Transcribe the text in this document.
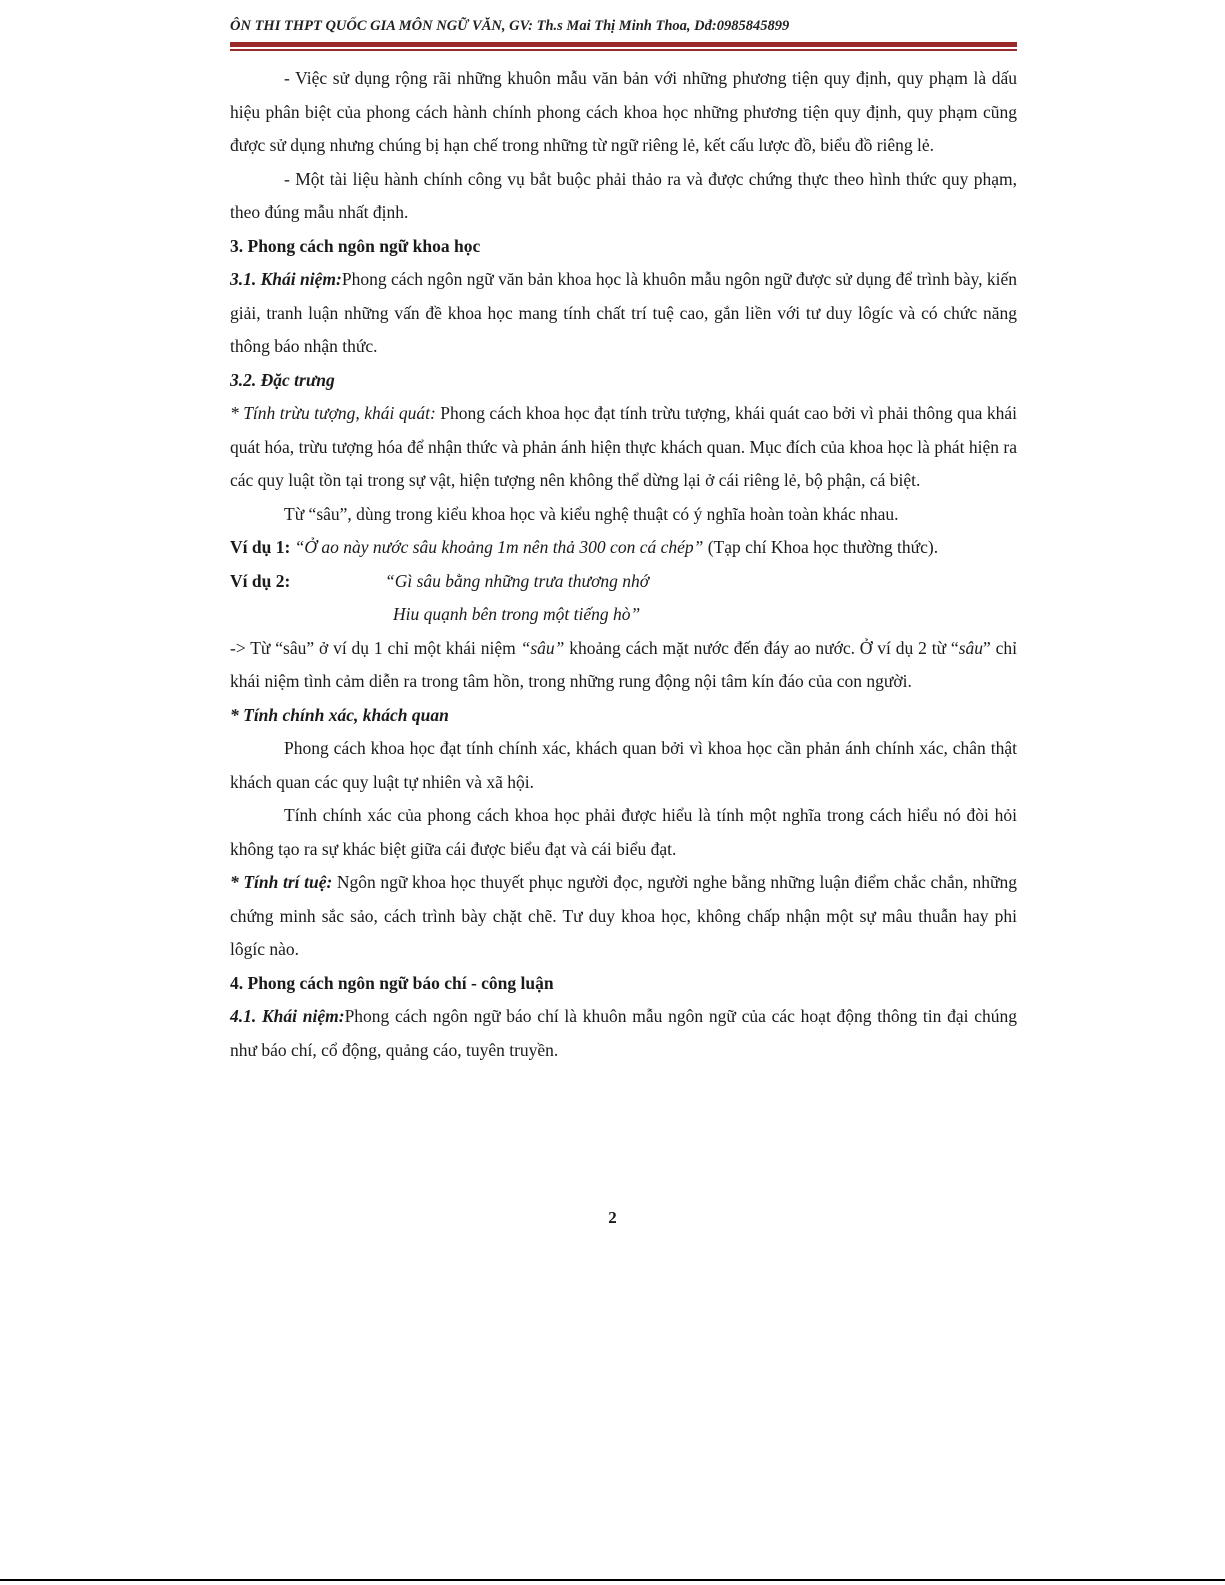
ÔN THI THPT QUỐC GIA MÔN NGỮ VĂN, GV: Th.s Mai Thị Minh Thoa, Dđ:0985845899

- Việc sử dụng rộng rãi những khuôn mẫu văn bản với những phương tiện quy định, quy phạm là dấu hiệu phân biệt của phong cách hành chính phong cách khoa học những phương tiện quy định, quy phạm cũng được sử dụng nhưng chúng bị hạn chế trong những từ ngữ riêng lẻ, kết cấu lược đồ, biểu đồ riêng lẻ.

- Một tài liệu hành chính công vụ bắt buộc phải thảo ra và được chứng thực theo hình thức quy phạm, theo đúng mẫu nhất định.

3. Phong cách ngôn ngữ khoa học

3.1. Khái niệm:Phong cách ngôn ngữ văn bản khoa học là khuôn mẫu ngôn ngữ được sử dụng để trình bày, kiến giải, tranh luận những vấn đề khoa học mang tính chất trí tuệ cao, gắn liền với tư duy lôgíc và có chức năng thông báo nhận thức.

3.2. Đặc trưng

* Tính trừu tượng, khái quát: Phong cách khoa học đạt tính trừu tượng, khái quát cao bởi vì phải thông qua khái quát hóa, trừu tượng hóa để nhận thức và phản ánh hiện thực khách quan. Mục đích của khoa học là phát hiện ra các quy luật tồn tại trong sự vật, hiện tượng nên không thể dừng lại ở cái riêng lẻ, bộ phận, cá biệt.

Từ “sâu”, dùng trong kiểu khoa học và kiểu nghệ thuật có ý nghĩa hoàn toàn khác nhau.

Ví dụ 1: “Ở ao này nước sâu khoảng 1m nên thả 300 con cá chép” (Tạp chí Khoa học thường thức).

Ví dụ 2:	“Gì sâu bằng những trưa thương nhớ

Hiu quạnh bên trong một tiếng hò”

-> Từ “sâu” ở ví dụ 1 chỉ một khái niệm “sâu” khoảng cách mặt nước đến đáy ao nước. Ở ví dụ 2 từ “sâu” chỉ khái niệm tình cảm diễn ra trong tâm hồn, trong những rung động nội tâm kín đáo của con người.

* Tính chính xác, khách quan

Phong cách khoa học đạt tính chính xác, khách quan bởi vì khoa học cần phản ánh chính xác, chân thật khách quan các quy luật tự nhiên và xã hội.

Tính chính xác của phong cách khoa học phải được hiểu là tính một nghĩa trong cách hiểu nó đòi hỏi không tạo ra sự khác biệt giữa cái được biểu đạt và cái biểu đạt.

* Tính trí tuệ: Ngôn ngữ khoa học thuyết phục người đọc, người nghe bằng những luận điểm chắc chắn, những chứng minh sắc sảo, cách trình bày chặt chẽ. Tư duy khoa học, không chấp nhận một sự mâu thuẫn hay phi lôgíc nào.

4. Phong cách ngôn ngữ báo chí - công luận

4.1. Khái niệm:Phong cách ngôn ngữ báo chí là khuôn mẫu ngôn ngữ của các hoạt động thông tin đại chúng như báo chí, cổ động, quảng cáo, tuyên truyền.

2
